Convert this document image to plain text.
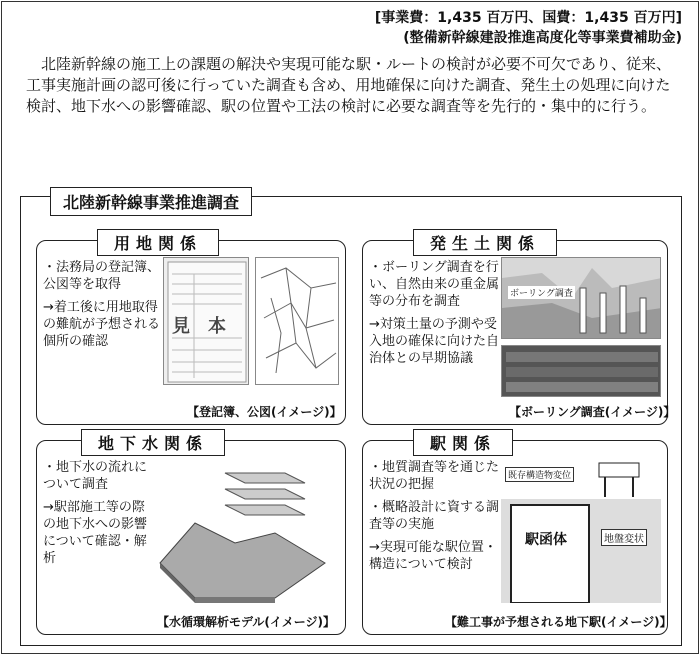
[事業費：1,435 百万円、国費：1,435 百万円]
(整備新幹線建設推進高度化等事業費補助金)
北陸新幹線の施工上の課題の解決や実現可能な駅・ルートの検討が必要不可欠であり、従来、工事実施計画の認可後に行っていた調査も含め、用地確保に向けた調査、発生土の処理に向けた検討、地下水への影響確認、駅の位置や工法の検討に必要な調査等を先行的・集中的に行う。
北陸新幹線事業推進調査
用地関係

・法務局の登記簿、公図等を取得

→着工後に用地取得の難航が予想される個所の確認

見　本
【登記簿、公図(イメージ)】
発生土関係

・ボーリング調査を行い、自然由来の重金属等の分布を調査

→対策土量の予測や受入地の確保に向けた自治体との早期協議

ボーリング調査
【ボーリング調査(イメージ)】
地下水関係

・地下水の流れについて調査

→駅部施工等の際の地下水への影響について確認・解析

【水循環解析モデル(イメージ)】
駅関係

・地質調査等を通じた状況の把握

・概略設計に資する調査等の実施

→実現可能な駅位置・構造について検討

既存構造物変位
駅函体	地盤変状
【難工事が予想される地下駅(イメージ)】
